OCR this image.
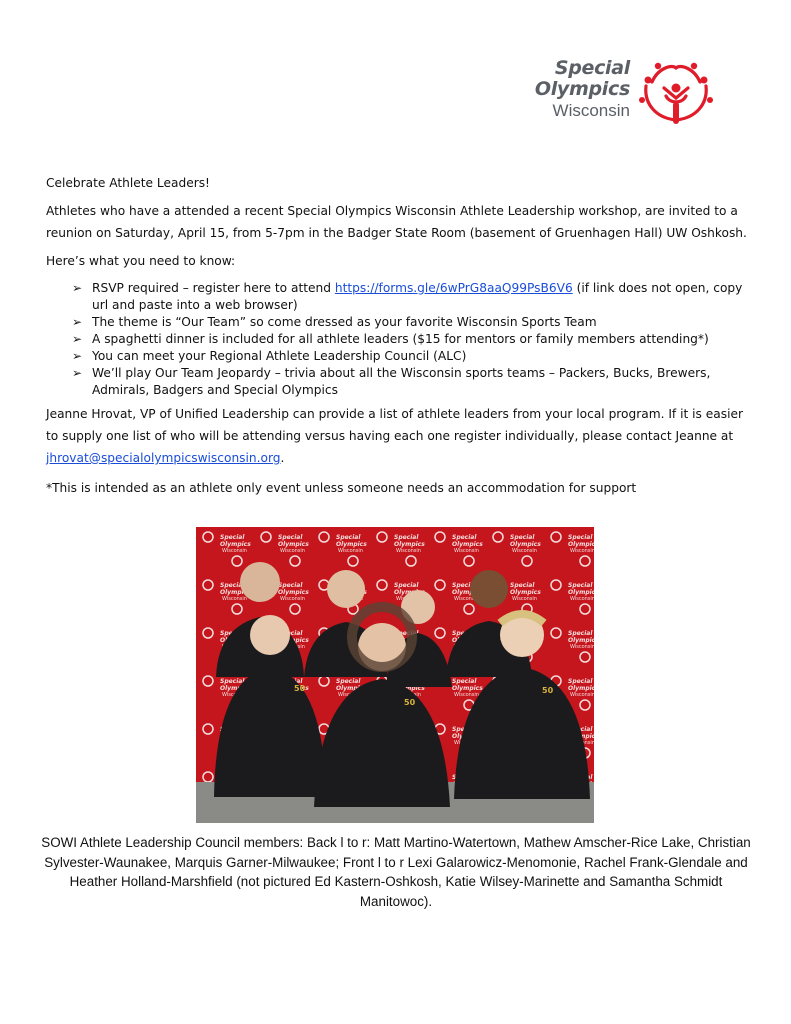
Special
Olympics
Wisconsin

Celebrate Athlete Leaders!

Athletes who have a attended a recent Special Olympics Wisconsin Athlete Leadership workshop, are invited to a reunion on Saturday, April 15, from 5-7pm in the Badger State Room (basement of Gruenhagen Hall) UW Oshkosh.

Here’s what you need to know:

➢ RSVP required – register here to attend https://forms.gle/6wPrG8aaQ99PsB6V6 (if link does not open, copy url and paste into a web browser)
➢ The theme is “Our Team” so come dressed as your favorite Wisconsin Sports Team
➢ A spaghetti dinner is included for all athlete leaders ($15 for mentors or family members attending*)
➢ You can meet your Regional Athlete Leadership Council (ALC)
➢ We’ll play Our Team Jeopardy – trivia about all the Wisconsin sports teams – Packers, Bucks, Brewers, Admirals, Badgers and Special Olympics

Jeanne Hrovat, VP of Unified Leadership can provide a list of athlete leaders from your local program. If it is easier to supply one list of who will be attending versus having each one register individually, please contact Jeanne at jhrovat@specialolympicswisconsin.org.

*This is intended as an athlete only event unless someone needs an accommodation for support

50
50
50
SOWI Athlete Leadership Council members: Back l to r: Matt Martino-Watertown, Mathew Amscher-Rice Lake, Christian Sylvester-Waunakee, Marquis Garner-Milwaukee; Front l to r Lexi Galarowicz-Menomonie, Rachel Frank-Glendale and Heather Holland-Marshfield (not pictured Ed Kastern-Oshkosh, Katie Wilsey-Marinette and Samantha Schmidt Manitowoc).
